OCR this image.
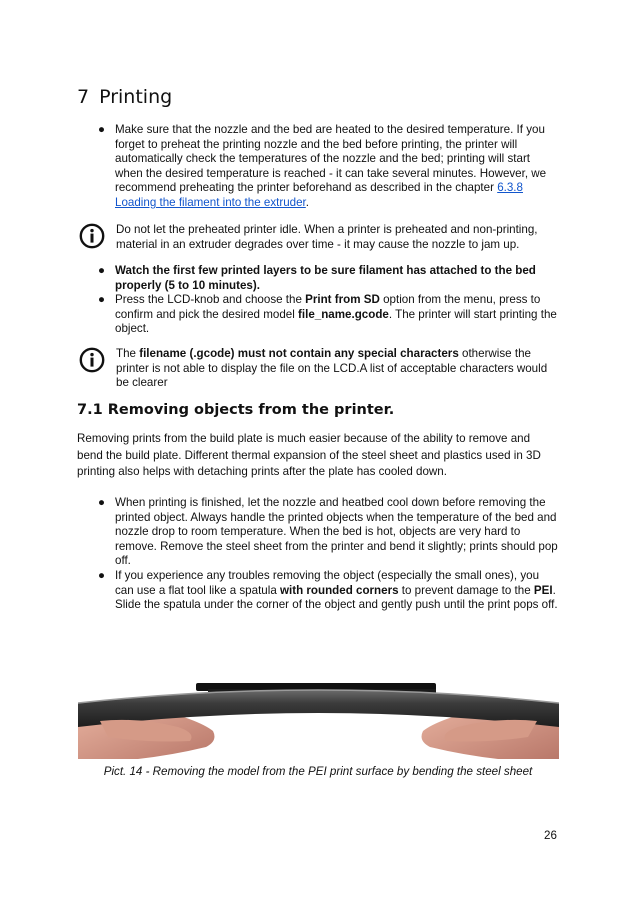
7 Printing
● Make sure that the nozzle and the bed are heated to the desired temperature. If you forget to preheat the printing nozzle and the bed before printing, the printer will automatically check the temperatures of the nozzle and the bed; printing will start when the desired temperature is reached - it can take several minutes. However, we recommend preheating the printer beforehand as described in the chapter 6.3.8 Loading the filament into the extruder.
Do not let the preheated printer idle. When a printer is preheated and non-printing, material in an extruder degrades over time - it may cause the nozzle to jam up.
● Watch the first few printed layers to be sure filament has attached to the bed properly (5 to 10 minutes).
● Press the LCD-knob and choose the Print from SD option from the menu, press to confirm and pick the desired model file_name.gcode. The printer will start printing the object.
The filename (.gcode) must not contain any special characters otherwise the printer is not able to display the file on the LCD.A list of acceptable characters would be clearer
7.1 Removing objects from the printer.
Removing prints from the build plate is much easier because of the ability to remove and bend the build plate. Different thermal expansion of the steel sheet and plastics used in 3D printing also helps with detaching prints after the plate has cooled down.
● When printing is finished, let the nozzle and heatbed cool down before removing the printed object. Always handle the printed objects when the temperature of the bed and nozzle drop to room temperature. When the bed is hot, objects are very hard to remove. Remove the steel sheet from the printer and bend it slightly; prints should pop off.
● If you experience any troubles removing the object (especially the small ones), you can use a flat tool like a spatula with rounded corners to prevent damage to the PEI. Slide the spatula under the corner of the object and gently push until the print pops off.
Pict. 14 - Removing the model from the PEI print surface by bending the steel sheet
26
